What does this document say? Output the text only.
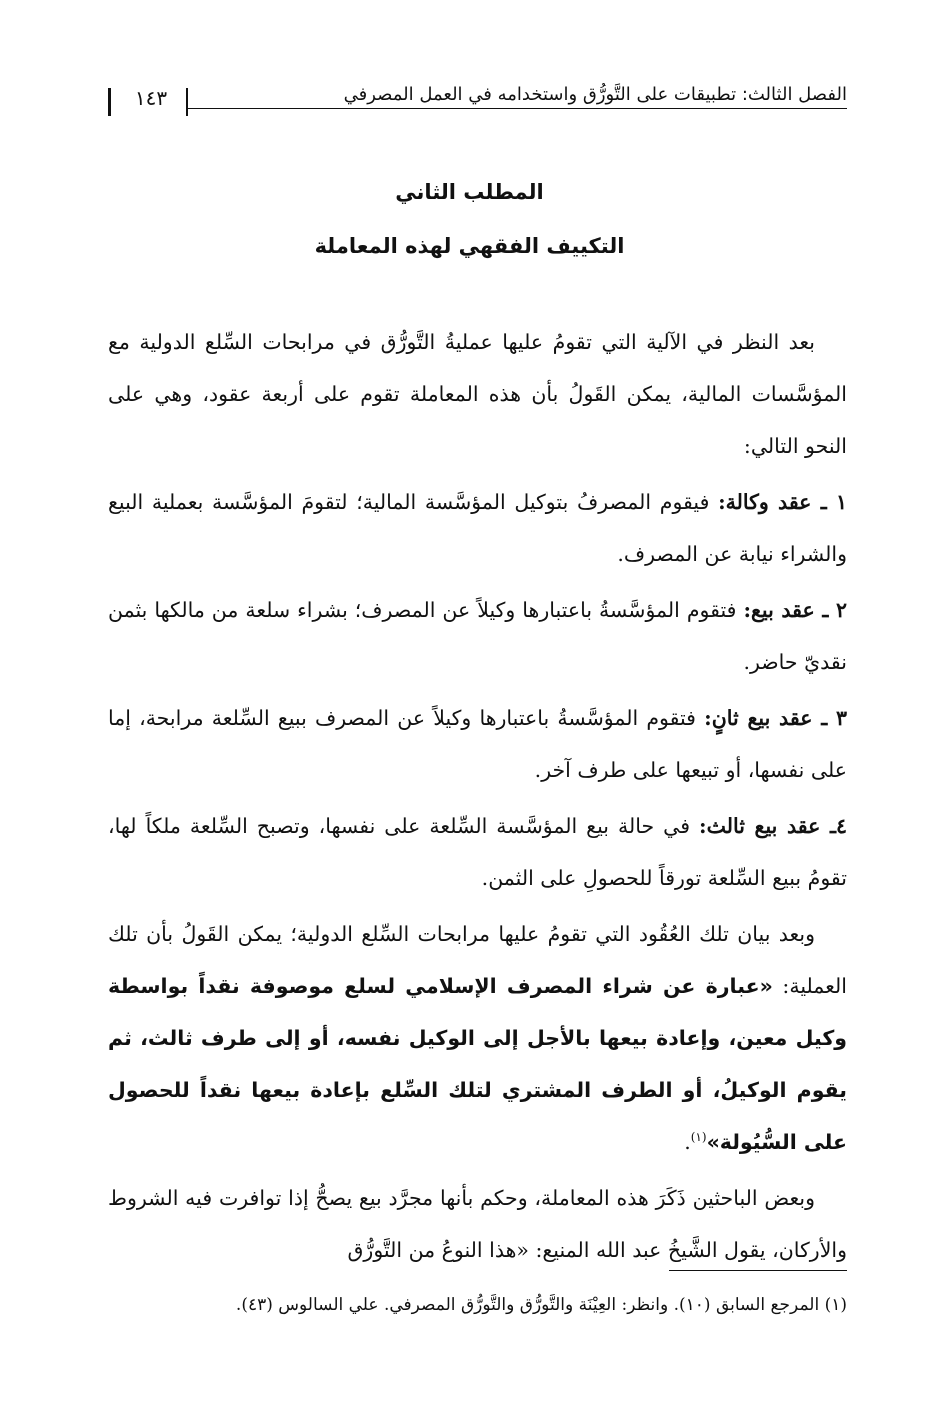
الفصل الثالث: تطبيقات على التَّورُّق واستخدامه في العمل المصرفي
١٤٣
المطلب الثاني
التكييف الفقهي لهذه المعاملة

بعد النظر في الآلية التي تقومُ عليها عمليةُ التَّورُّق في مرابحات السِّلع الدولية مع المؤسَّسات المالية، يمكن القَولُ بأن هذه المعاملة تقوم على أربعة عقود، وهي على النحو التالي:

١ ـ عقد وكالة: فيقوم المصرفُ بتوكيل المؤسَّسة المالية؛ لتقومَ المؤسَّسة بعملية البيع والشراء نيابة عن المصرف.

٢ ـ عقد بيع: فتقوم المؤسَّسةُ باعتبارها وكيلاً عن المصرف؛ بشراء سلعة من مالكها بثمن نقديّ حاضر.

٣ ـ عقد بيع ثانٍ: فتقوم المؤسَّسةُ باعتبارها وكيلاً عن المصرف ببيع السِّلعة مرابحة، إما على نفسها، أو تبيعها على طرف آخر.

٤ـ عقد بيع ثالث: في حالة بيع المؤسَّسة السِّلعة على نفسها، وتصبح السِّلعة ملكاً لها، تقومُ ببيع السِّلعة تورقاً للحصولِ على الثمن.

وبعد بيان تلك العُقُود التي تقومُ عليها مرابحات السِّلع الدولية؛ يمكن القَولُ بأن تلك العملية: «عبارة عن شراء المصرف الإسلامي لسلع موصوفة نقداً بواسطة وكيل معين، وإعادة بيعها بالأجل إلى الوكيل نفسه، أو إلى طرف ثالث، ثم يقوم الوكيلُ، أو الطرف المشتري لتلك السِّلع بإعادة بيعها نقداً للحصول على السُّيُولة»$^{(١)}$.

وبعض الباحثين ذَكَرَ هذه المعاملة، وحكم بأنها مجرَّد بيع يصحُّ إذا توافرت فيه الشروط والأركان، يقول الشَّيخُ عبد الله المنيع: «هذا النوعُ من التَّورُّق

(١) المرجع السابق (١٠). وانظر: العِيْنَة والتَّورُّق والتَّورُّق المصرفي. علي السالوس (٤٣).
